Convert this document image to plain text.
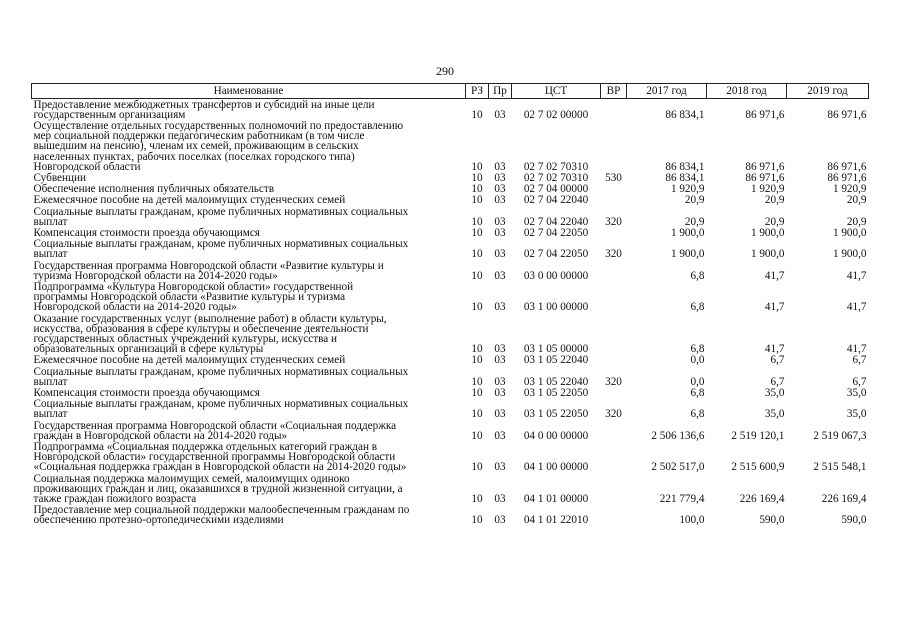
290
Наименование	РЗ	Пр	ЦСТ	ВР	2017 год	2018 год	2019 год
Предоставление межбюджетных трансфертов и субсидий на иные цели
государственным организациям	10	03	02 7 02 00000		86 834,1	86 971,6	86 971,6
Осуществление отдельных государственных полномочий по предоставлению
мер социальной поддержки педагогическим работникам (в том числе
вышедшим на пенсию), членам их семей, проживающим в сельских
населенных пунктах, рабочих поселках (поселках городского типа)
Новгородской области	10	03	02 7 02 70310		86 834,1	86 971,6	86 971,6
Субвенции	10	03	02 7 02 70310	530	86 834,1	86 971,6	86 971,6
Обеспечение исполнения публичных обязательств	10	03	02 7 04 00000		1 920,9	1 920,9	1 920,9
Ежемесячное пособие на детей малоимущих студенческих семей	10	03	02 7 04 22040		20,9	20,9	20,9
Социальные выплаты гражданам, кроме публичных нормативных социальных
выплат	10	03	02 7 04 22040	320	20,9	20,9	20,9
Компенсация стоимости проезда обучающимся	10	03	02 7 04 22050		1 900,0	1 900,0	1 900,0
Социальные выплаты гражданам, кроме публичных нормативных социальных
выплат	10	03	02 7 04 22050	320	1 900,0	1 900,0	1 900,0
Государственная программа Новгородской области «Развитие культуры и
туризма Новгородской области на 2014-2020 годы»	10	03	03 0 00 00000		6,8	41,7	41,7
Подпрограмма «Культура Новгородской области» государственной
программы Новгородской области «Развитие культуры и туризма
Новгородской области на 2014-2020 годы»	10	03	03 1 00 00000		6,8	41,7	41,7
Оказание государственных услуг (выполнение работ) в области культуры,
искусства, образования в сфере культуры и обеспечение деятельности
государственных областных учреждений культуры, искусства и
образовательных организаций в сфере культуры	10	03	03 1 05 00000		6,8	41,7	41,7
Ежемесячное пособие на детей малоимущих студенческих семей	10	03	03 1 05 22040		0,0	6,7	6,7
Социальные выплаты гражданам, кроме публичных нормативных социальных
выплат	10	03	03 1 05 22040	320	0,0	6,7	6,7
Компенсация стоимости проезда обучающимся	10	03	03 1 05 22050		6,8	35,0	35,0
Социальные выплаты гражданам, кроме публичных нормативных социальных
выплат	10	03	03 1 05 22050	320	6,8	35,0	35,0
Государственная программа Новгородской области «Социальная поддержка
граждан в Новгородской области на 2014-2020 годы»	10	03	04 0 00 00000		2 506 136,6	2 519 120,1	2 519 067,3
Подпрограмма «Социальная поддержка отдельных категорий граждан в
Новгородской области» государственной программы Новгородской области
«Социальная поддержка граждан в Новгородской области на 2014-2020 годы»	10	03	04 1 00 00000		2 502 517,0	2 515 600,9	2 515 548,1
Социальная поддержка малоимущих семей, малоимущих одиноко
проживающих граждан и лиц, оказавшихся в трудной жизненной ситуации, а
также граждан пожилого возраста	10	03	04 1 01 00000		221 779,4	226 169,4	226 169,4
Предоставление мер социальной поддержки малообеспеченным гражданам по
обеспечению протезно-ортопедическими изделиями	10	03	04 1 01 22010		100,0	590,0	590,0
